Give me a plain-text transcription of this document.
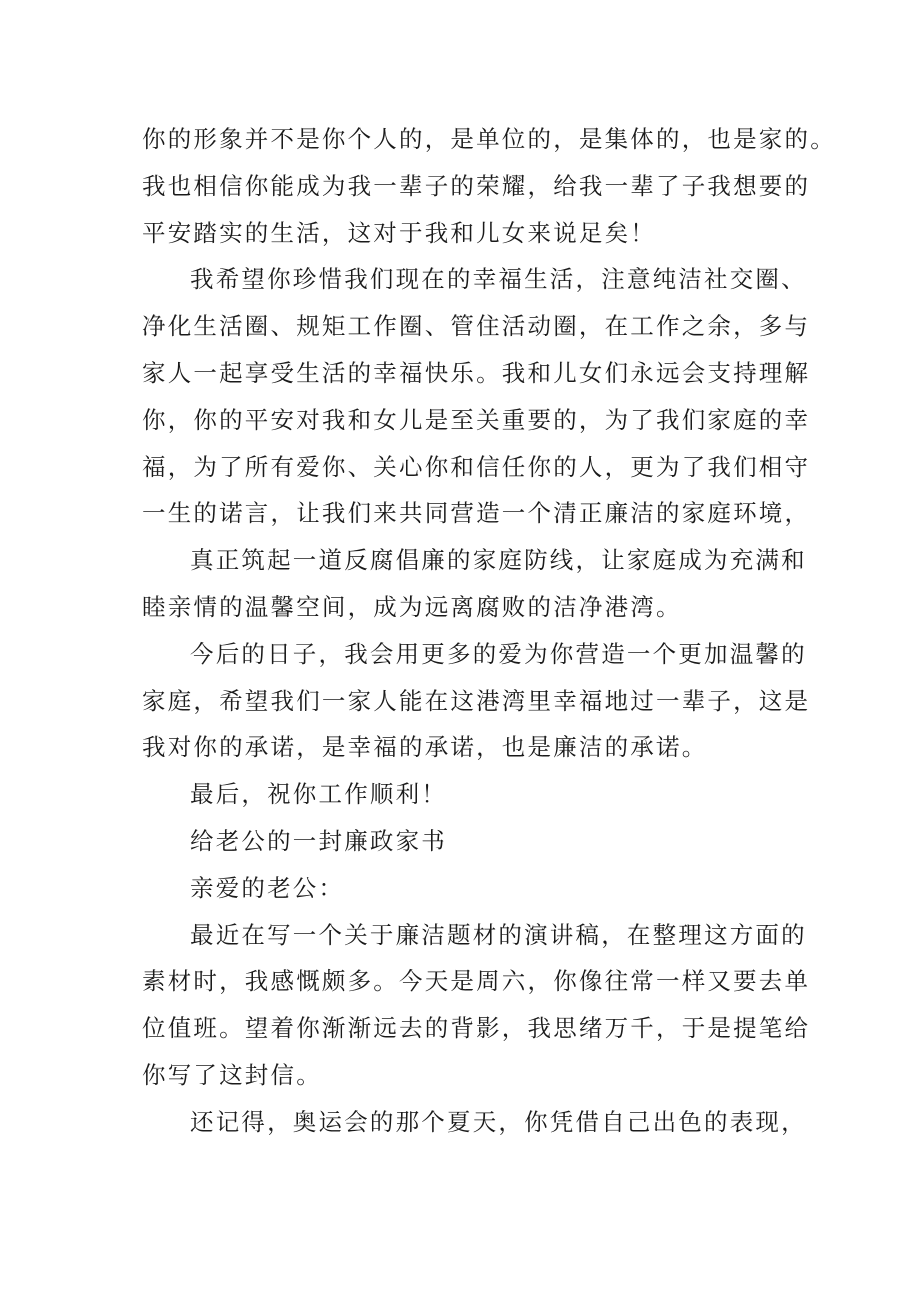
你的形象并不是你个人的，是单位的，是集体的，也是家的。
我也相信你能成为我一辈子的荣耀，给我一辈了子我想要的
平安踏实的生活，这对于我和儿女来说足矣！
我希望你珍惜我们现在的幸福生活，注意纯洁社交圈、
净化生活圈、规矩工作圈、管住活动圈，在工作之余，多与
家人一起享受生活的幸福快乐。我和儿女们永远会支持理解
你，你的平安对我和女儿是至关重要的，为了我们家庭的幸
福，为了所有爱你、关心你和信任你的人，更为了我们相守
一生的诺言，让我们来共同营造一个清正廉洁的家庭环境，
真正筑起一道反腐倡廉的家庭防线，让家庭成为充满和
睦亲情的温馨空间，成为远离腐败的洁净港湾。
今后的日子，我会用更多的爱为你营造一个更加温馨的
家庭，希望我们一家人能在这港湾里幸福地过一辈子，这是
我对你的承诺，是幸福的承诺，也是廉洁的承诺。
最后，祝你工作顺利！
给老公的一封廉政家书
亲爱的老公：
最近在写一个关于廉洁题材的演讲稿，在整理这方面的
素材时，我感慨颇多。今天是周六，你像往常一样又要去单
位值班。望着你渐渐远去的背影，我思绪万千，于是提笔给
你写了这封信。
还记得，奥运会的那个夏天，你凭借自己出色的表现，
